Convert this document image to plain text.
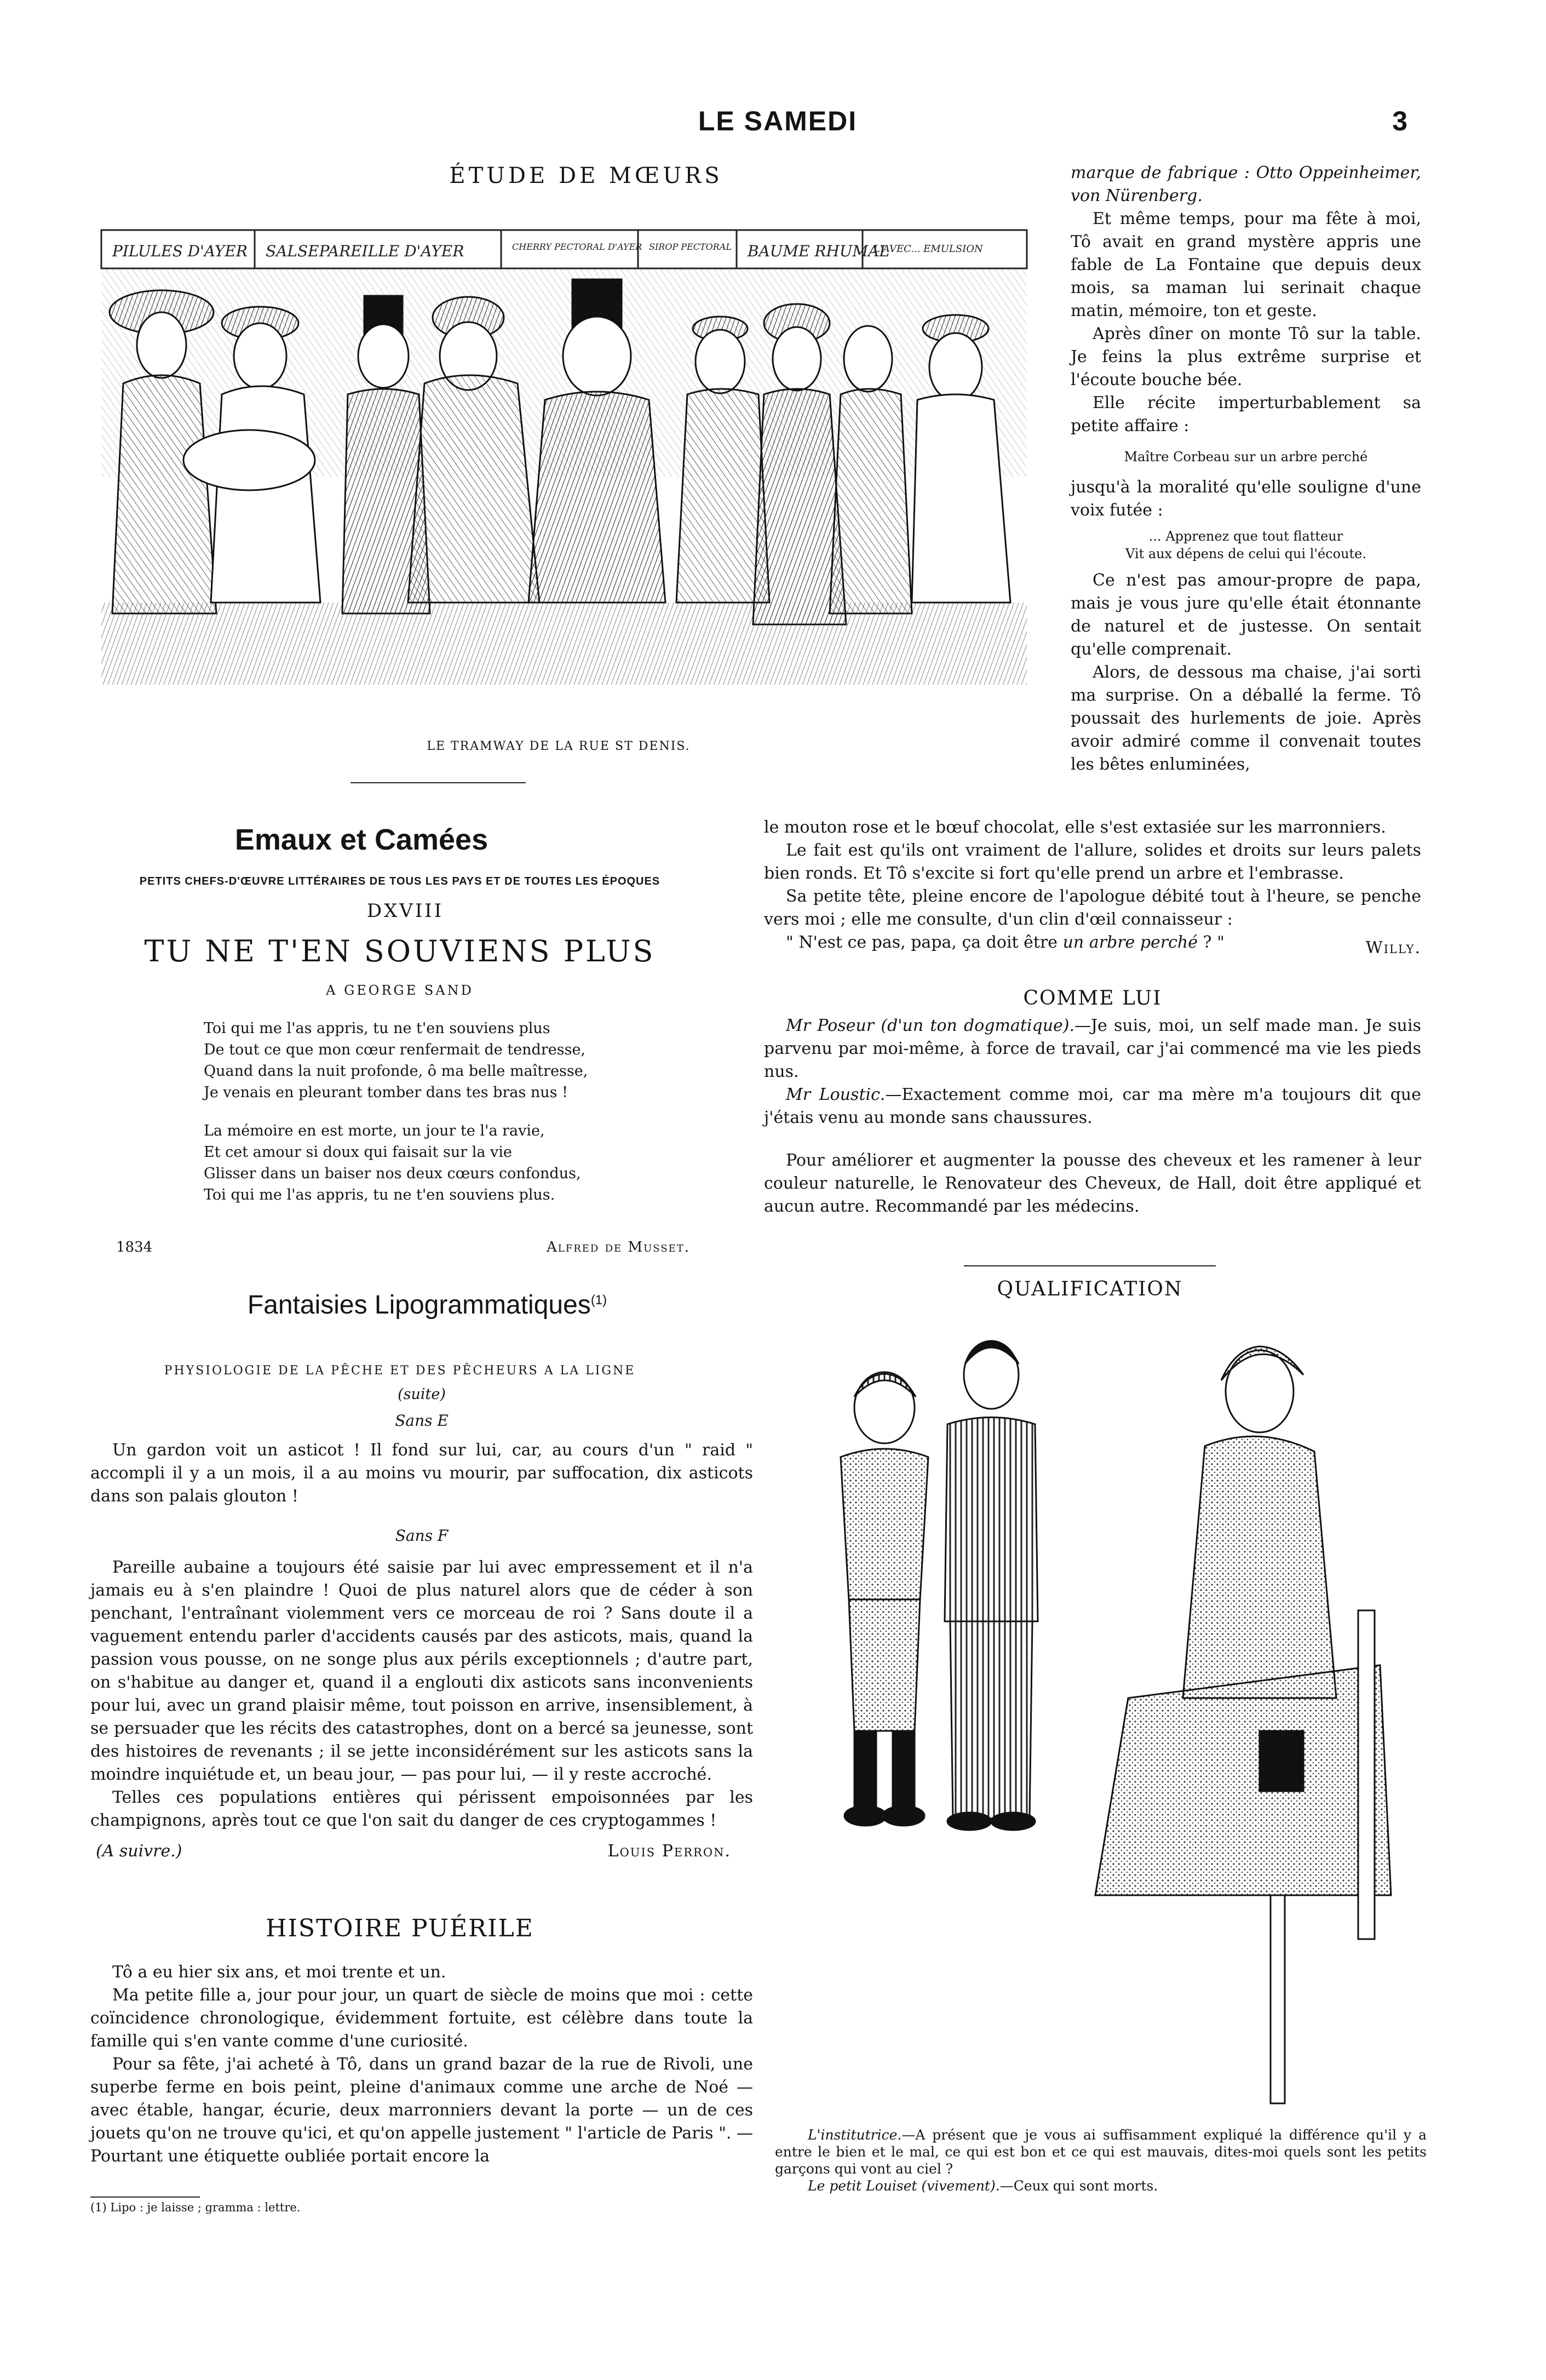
LE SAMEDI	3
ÉTUDE DE MŒURS
PILULES D'AYER SALSEPAREILLE D'AYER	CHERRY PECTORAL D'AYER SIROP PECTORAL BAUME RHUMAL
L'AVEC... EMULSION
LE TRAMWAY DE LA RUE ST DENIS.
Emaux et Camées
PETITS CHEFS-D'ŒUVRE LITTÉRAIRES DE TOUS LES PAYS ET DE TOUTES LES ÉPOQUES
DXVIII
TU NE T'EN SOUVIENS PLUS
A GEORGE SAND
Toi qui me l'as appris, tu ne t'en souviens plus
De tout ce que mon cœur renfermait de tendresse,
Quand dans la nuit profonde, ô ma belle maîtresse,
Je venais en pleurant tomber dans tes bras nus !
La mémoire en est morte, un jour te l'a ravie,
Et cet amour si doux qui faisait sur la vie
Glisser dans un baiser nos deux cœurs confondus,
Toi qui me l'as appris, tu ne t'en souviens plus.
1834	Alfred de Musset.
Fantaisies Lipogrammatiques$^{(1)}$
PHYSIOLOGIE DE LA PÊCHE ET DES PÊCHEURS A LA LIGNE
(suite)
Sans E

Un gardon voit un asticot ! Il fond sur lui, car, au cours d'un " raid " accompli il y a un mois, il a au moins vu mourir, par suffocation, dix asticots dans son palais glouton !

Sans F

Pareille aubaine a toujours été saisie par lui avec empressement et il n'a jamais eu à s'en plaindre ! Quoi de plus naturel alors que de céder à son penchant, l'entraînant violemment vers ce morceau de roi ? Sans doute il a vaguement entendu parler d'accidents causés par des asticots, mais, quand la passion vous pousse, on ne songe plus aux périls exceptionnels ; d'autre part, on s'habitue au danger et, quand il a englouti dix asticots sans inconvenients pour lui, avec un grand plaisir même, tout poisson en arrive, insensiblement, à se persuader que les récits des catastrophes, dont on a bercé sa jeunesse, sont des histoires de revenants ; il se jette inconsidérément sur les asticots sans la moindre inquiétude et, un beau jour, — pas pour lui, — il y reste accroché.

Telles ces populations entières qui périssent empoisonnées par les champignons, après tout ce que l'on sait du danger de ces cryptogammes !

(A suivre.)	Louis Perron.
HISTOIRE PUÉRILE

Tô a eu hier six ans, et moi trente et un.

Ma petite fille a, jour pour jour, un quart de siècle de moins que moi : cette coïncidence chronologique, évidemment fortuite, est célèbre dans toute la famille qui s'en vante comme d'une curiosité.

Pour sa fête, j'ai acheté à Tô, dans un grand bazar de la rue de Rivoli, une superbe ferme en bois peint, pleine d'animaux comme une arche de Noé — avec étable, hangar, écurie, deux marronniers devant la porte — un de ces jouets qu'on ne trouve qu'ici, et qu'on appelle justement " l'article de Paris ". — Pourtant une étiquette oubliée portait encore la

(1) Lipo : je laisse ; gramma : lettre.

marque de fabrique : Otto Oppeinheimer, von Nürenberg.

Et même temps, pour ma fête à moi, Tô avait en grand mystère appris une fable de La Fontaine que depuis deux mois, sa maman lui serinait chaque matin, mémoire, ton et geste.

Après dîner on monte Tô sur la table. Je feins la plus extrême surprise et l'écoute bouche bée.

Elle récite imperturbablement sa petite affaire :

Maître Corbeau sur un arbre perché

jusqu'à la moralité qu'elle souligne d'une voix futée :

... Apprenez que tout flatteur
Vit aux dépens de celui qui l'écoute.

Ce n'est pas amour-propre de papa, mais je vous jure qu'elle était étonnante de naturel et de justesse. On sentait qu'elle comprenait.

Alors, de dessous ma chaise, j'ai sorti ma surprise. On a déballé la ferme. Tô poussait des hurlements de joie. Après avoir admiré comme il convenait toutes les bêtes enluminées,

le mouton rose et le bœuf chocolat, elle s'est extasiée sur les marronniers.

Le fait est qu'ils ont vraiment de l'allure, solides et droits sur leurs palets bien ronds. Et Tô s'excite si fort qu'elle prend un arbre et l'embrasse.

Sa petite tête, pleine encore de l'apologue débité tout à l'heure, se penche vers moi ; elle me consulte, d'un clin d'œil connaisseur :

" N'est ce pas, papa, ça doit être un arbre perché ? "	Willy.
COMME LUI

Mr Poseur (d'un ton dogmatique).—Je suis, moi, un self made man. Je suis parvenu par moi-même, à force de travail, car j'ai commencé ma vie les pieds nus.

Mr Loustic.—Exactement comme moi, car ma mère m'a toujours dit que j'étais venu au monde sans chaussures.

Pour améliorer et augmenter la pousse des cheveux et les ramener à leur couleur naturelle, le Renovateur des Cheveux, de Hall, doit être appliqué et aucun autre. Recommandé par les médecins.

QUALIFICATION
L'institutrice.—A présent que je vous ai suffisamment expliqué la différence qu'il y a entre le bien et le mal, ce qui est bon et ce qui est mauvais, dites-moi quels sont les petits garçons qui vont au ciel ?
Le petit Louiset (vivement).—Ceux qui sont morts.
